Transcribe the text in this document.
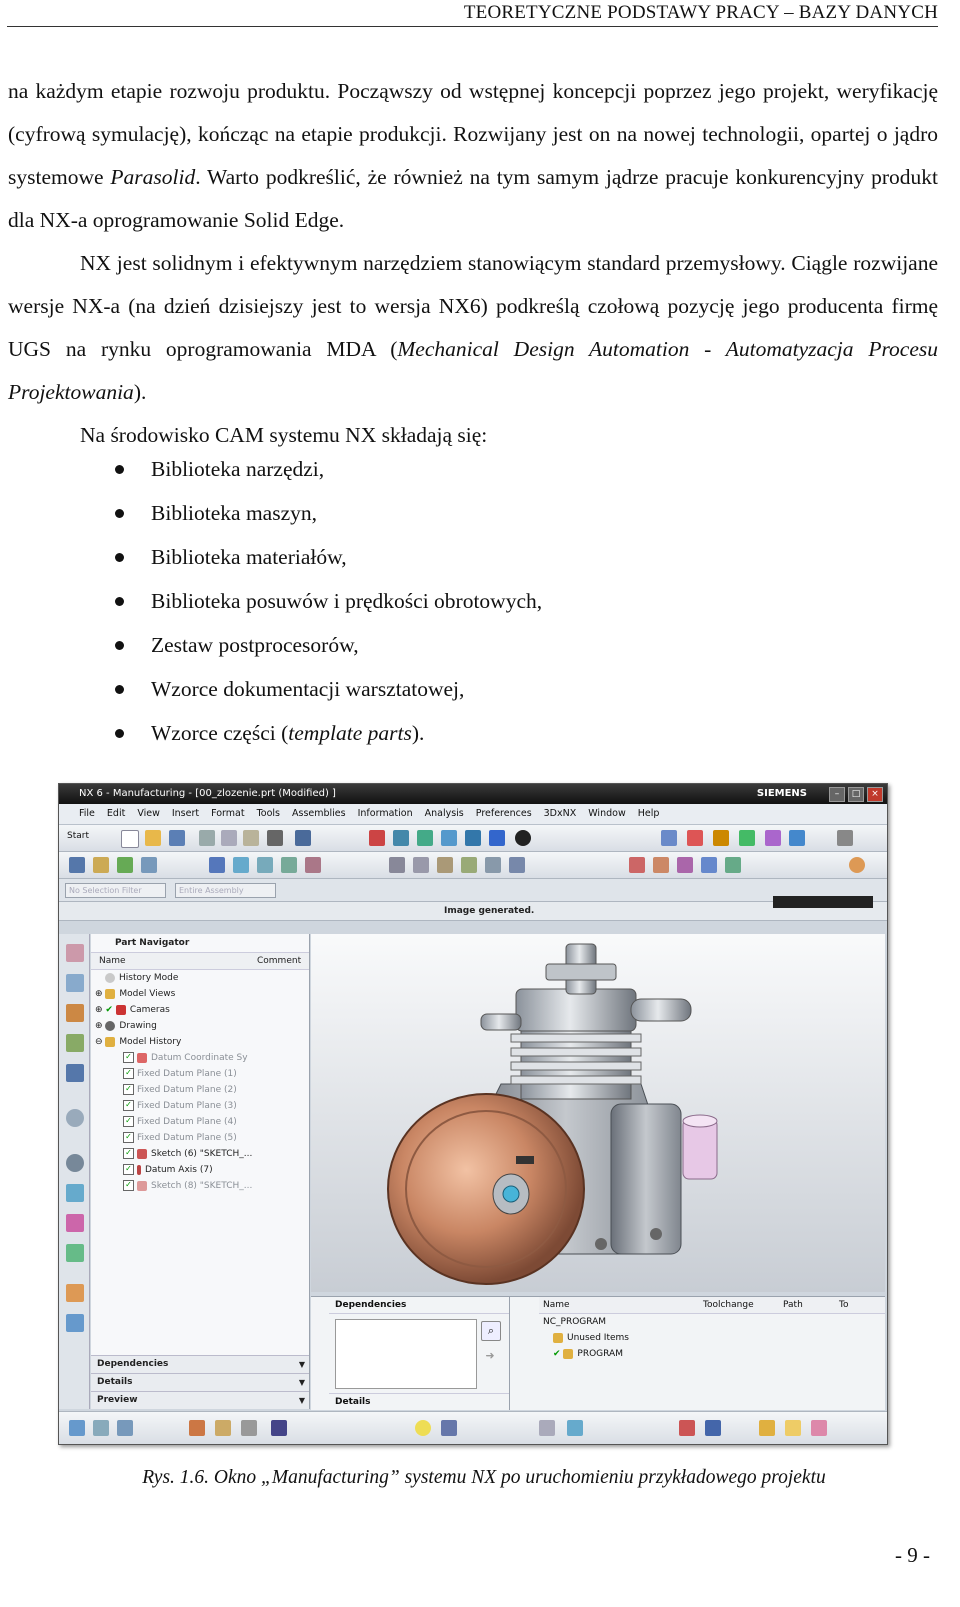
TEORETYCZNE PODSTAWY PRACY – BAZY DANYCH

na każdym etapie rozwoju produktu. Począwszy od wstępnej koncepcji poprzez jego projekt, weryfikację (cyfrową symulację), kończąc na etapie produkcji. Rozwijany jest on na nowej technologii, opartej o jądro systemowe Parasolid. Warto podkreślić, że również na tym samym jądrze pracuje konkurencyjny produkt dla NX-a oprogramowanie Solid Edge.

NX jest solidnym i efektywnym narzędziem stanowiącym standard przemysłowy. Ciągle rozwijane wersje NX-a (na dzień dzisiejszy jest to wersja NX6) podkreślą czołową pozycję jego producenta firmę UGS na rynku oprogramowania MDA (Mechanical Design Automation - Automatyzacja Procesu Projektowania).

Na środowisko CAM systemu NX składają się:

Biblioteka narzędzi,
Biblioteka maszyn,
Biblioteka materiałów,
Biblioteka posuwów i prędkości obrotowych,
Zestaw postprocesorów,
Wzorce dokumentacji warsztatowej,
Wzorce części (template parts).
NX 6 - Manufacturing - [00_zlozenie.prt (Modified) ]	SIEMENS	–	□	×
File Edit View Insert Format Tools Assemblies Information Analysis Preferences 3DxNX Window Help
Start
No Selection Filter	Entire Assembly
Image generated.
Part Navigator
Name	Comment
History Mode
⊕ Model Views
⊕ ✔ Cameras
⊕ Drawing
⊖ Model History
✓ Datum Coordinate Sy
✓ Fixed Datum Plane (1)
✓ Fixed Datum Plane (2)
✓ Fixed Datum Plane (3)
✓ Fixed Datum Plane (4)
✓ Fixed Datum Plane (5)
✓ Sketch (6) "SKETCH_...
✓ Datum Axis (7)
✓ Sketch (8) "SKETCH_...
Dependencies	▼
Details	▼
Preview	▼
Dependencies
⌕
➜
Details
Name	Toolchange	Path	To
NC_PROGRAM
Unused Items
✔ PROGRAM
Rys. 1.6. Okno „Manufacturing” systemu NX po uruchomieniu przykładowego projektu
- 9 -
